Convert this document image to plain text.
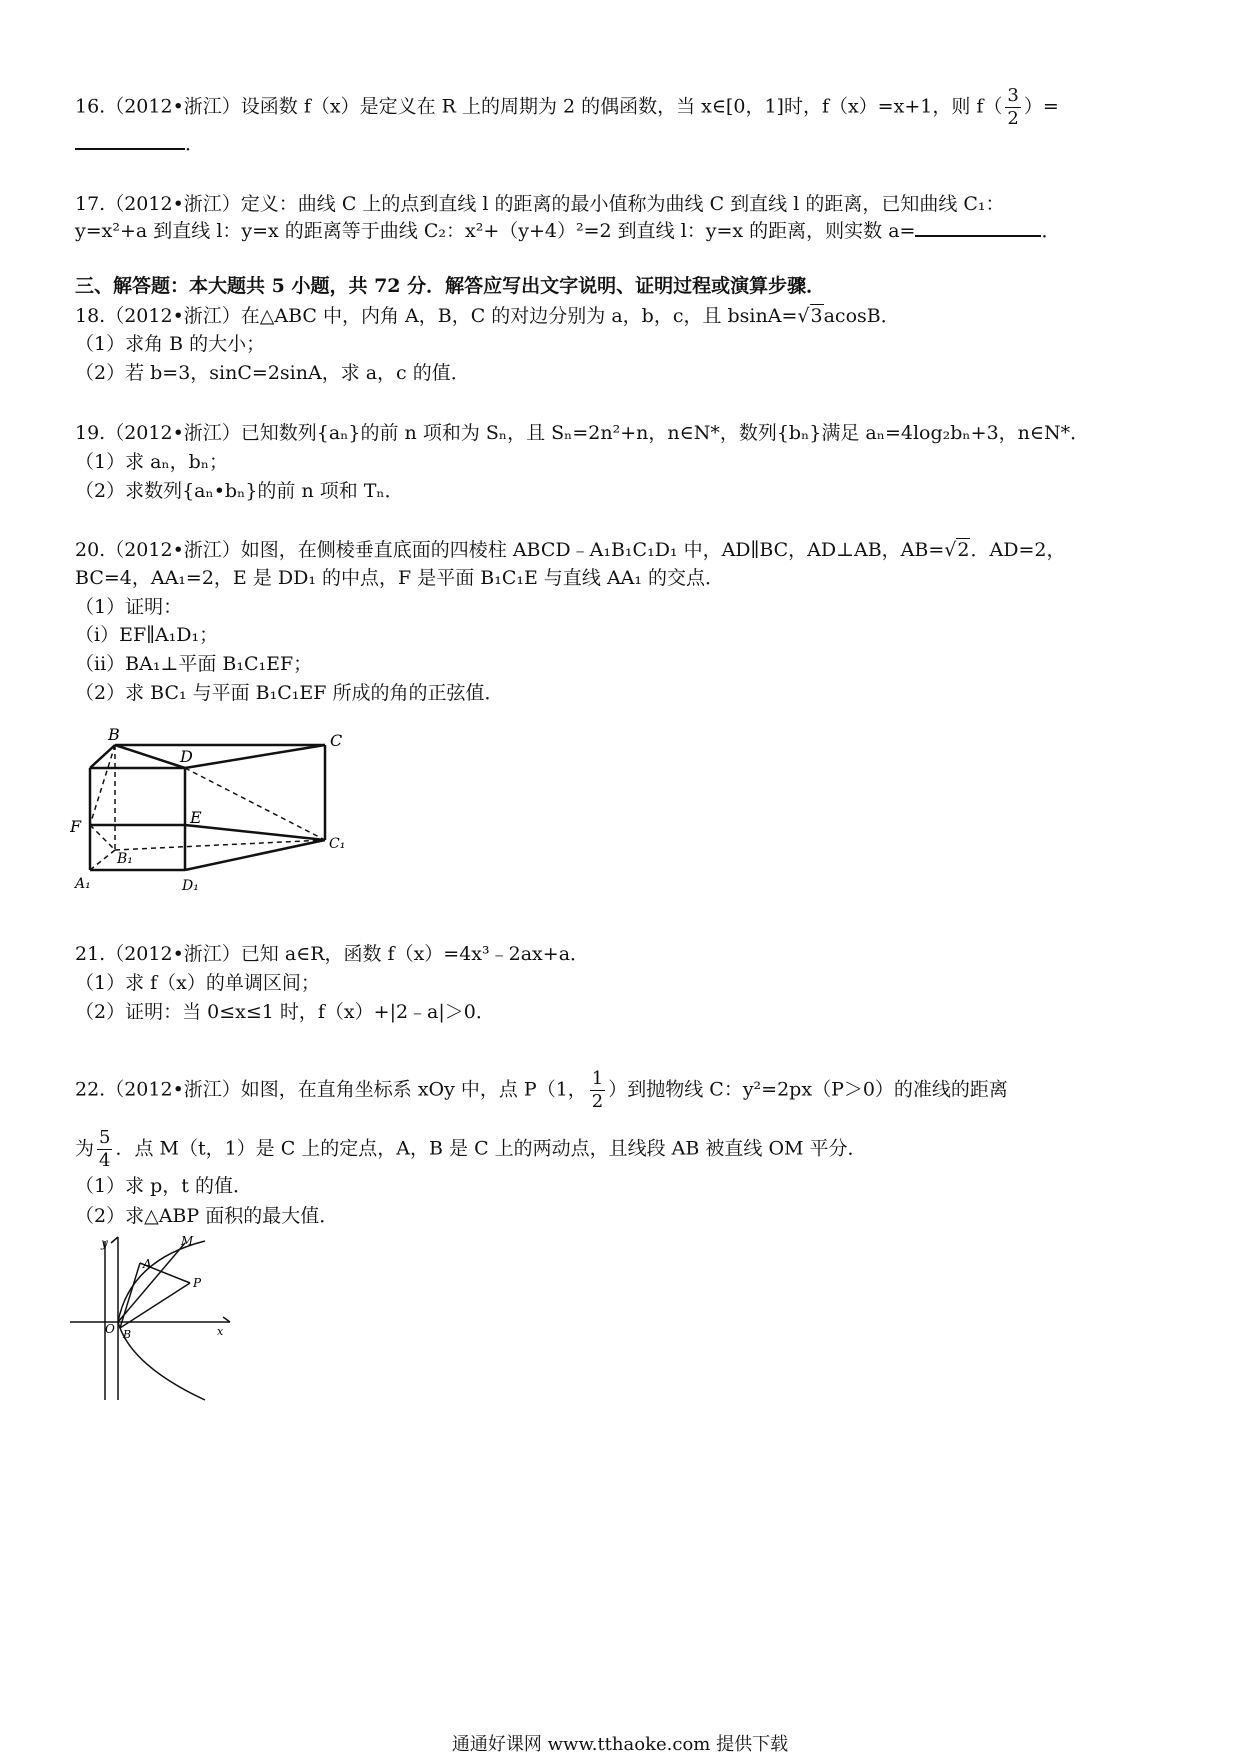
16.（2012•浙江）设函数 f（x）是定义在 R 上的周期为 2 的偶函数，当 x∈[0，1]时，f（x）=x+1，则 $f( \frac{3}{2}$ ）=
．
17.（2012•浙江）定义：曲线 C 上的点到直线 l 的距离的最小值称为曲线 C 到直线 l 的距离，已知曲线 C₁：
y=x²+a 到直线 l：y=x 的距离等于曲线 C₂：x²+（y+4）²=2 到直线 l：y=x 的距离，则实数 a=	．
三、解答题：本大题共 5 小题，共 72 分．解答应写出文字说明、证明过程或演算步骤．
18.（2012•浙江）在△ABC 中，内角 A，B，C 的对边分别为 a，b，c，且 bsinA=√3acosB．
（1）求角 B 的大小；
（2）若 b=3，sinC=2sinA，求 a，c 的值．
19.（2012•浙江）已知数列{aₙ}的前 n 项和为 Sₙ，且 Sₙ=2n²+n，n∈N*，数列{bₙ}满足 aₙ=4log₂bₙ+3，n∈N*．
（1）求 aₙ，bₙ；
（2）求数列{aₙ•bₙ}的前 n 项和 Tₙ．
20.（2012•浙江）如图，在侧棱垂直底面的四棱柱 ABCD﹣A₁B₁C₁D₁ 中，AD∥BC，AD⊥AB，AB=√2．AD=2，
BC=4，AA₁=2，E 是 DD₁ 的中点，F 是平面 B₁C₁E 与直线 AA₁ 的交点．
（1）证明：
（i）EF∥A₁D₁；
（ii）BA₁⊥平面 B₁C₁EF；
（2）求 BC₁ 与平面 B₁C₁EF 所成的角的正弦值．
B	C
D
E
F
B₁
C₁
A₁	D₁
21.（2012•浙江）已知 a∈R，函数 f（x）=4x³﹣2ax+a．
（1）求 f（x）的单调区间；
（2）证明：当 0≤x≤1 时，f（x）+|2﹣a|＞0．
22.（2012•浙江）如图，在直角坐标系 xOy 中，点 P（1， $\frac{1}{2}$ ）到抛物线 C：y²=2px（P＞0）的准线的距离
为 $\frac{5}{4}$ ．点 M（t，1）是 C 上的定点，A，B 是 C 上的两动点，且线段 AB 被直线 OM 平分．
（1）求 p，t 的值．
（2）求△ABP 面积的最大值．
y	M
A
P
O B	x
通通好课网 www.tthaoke.com 提供下载
